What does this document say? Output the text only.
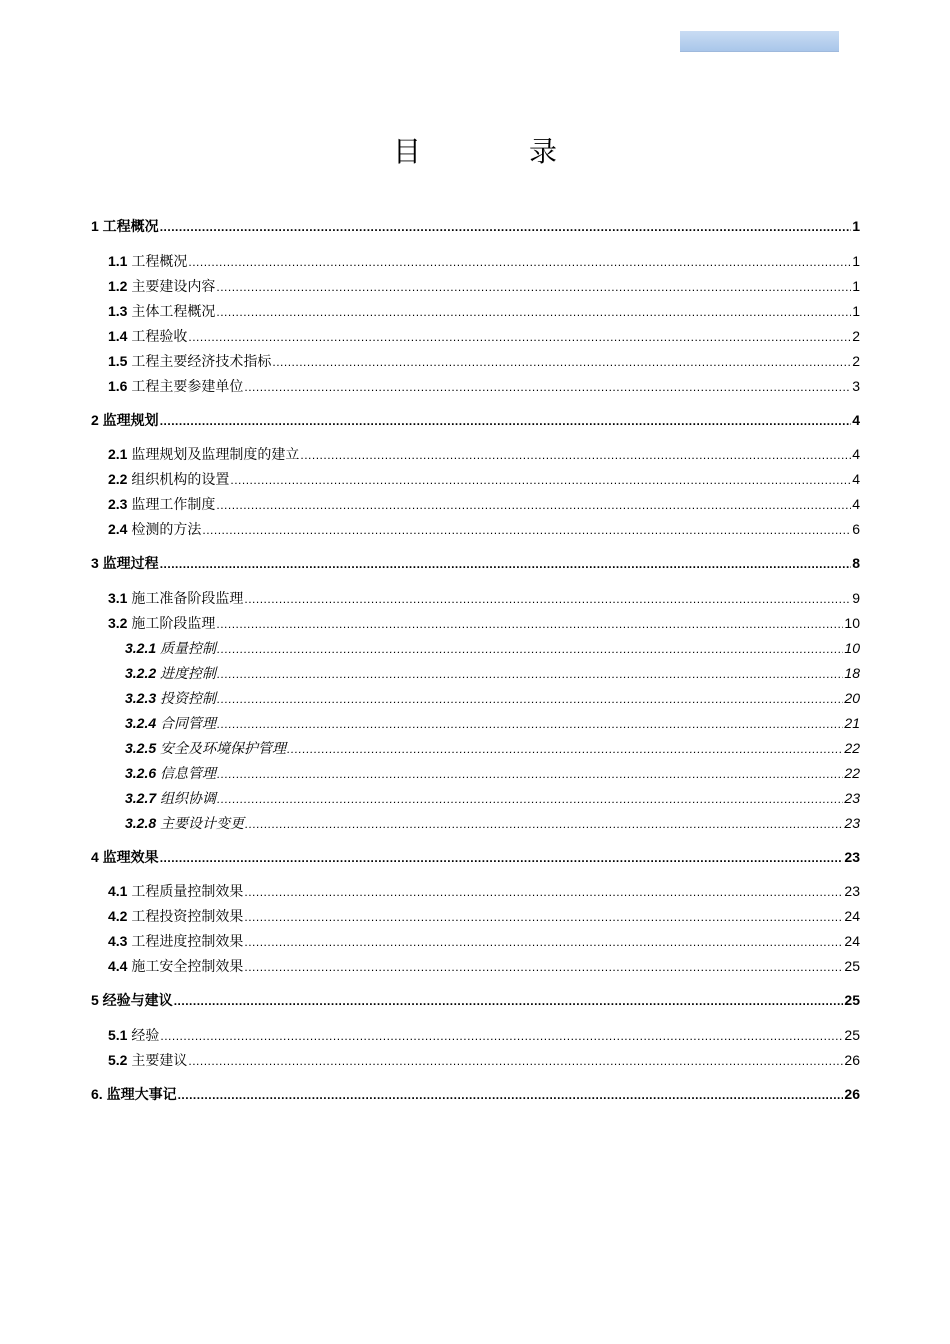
目　录
1 工程概况 .....	1
1.1 工程概况 .....	1
1.2 主要建设内容 .....	1
1.3 主体工程概况 .....	1
1.4 工程验收 .....	2
1.5 工程主要经济技术指标 .....	2
1.6 工程主要参建单位 .....	3
2 监理规划 .....	4
2.1 监理规划及监理制度的建立 .....	4
2.2 组织机构的设置 .....	4
2.3 监理工作制度 .....	4
2.4 检测的方法 .....	6
3 监理过程 .....	8
3.1 施工准备阶段监理 .....	9
3.2 施工阶段监理 .....	10
3.2.1 质量控制 .....	10
3.2.2 进度控制 .....	18
3.2.3 投资控制 .....	20
3.2.4 合同管理 .....	21
3.2.5 安全及环境保护管理 .....	22
3.2.6 信息管理 .....	22
3.2.7 组织协调 .....	23
3.2.8 主要设计变更 .....	23
4 监理效果 .....	23
4.1 工程质量控制效果 .....	23
4.2 工程投资控制效果 .....	24
4.3 工程进度控制效果 .....	24
4.4 施工安全控制效果 .....	25
5 经验与建议 .....	25
5.1 经验 .....	25
5.2 主要建议 .....	26
6. 监理大事记 .....	26
